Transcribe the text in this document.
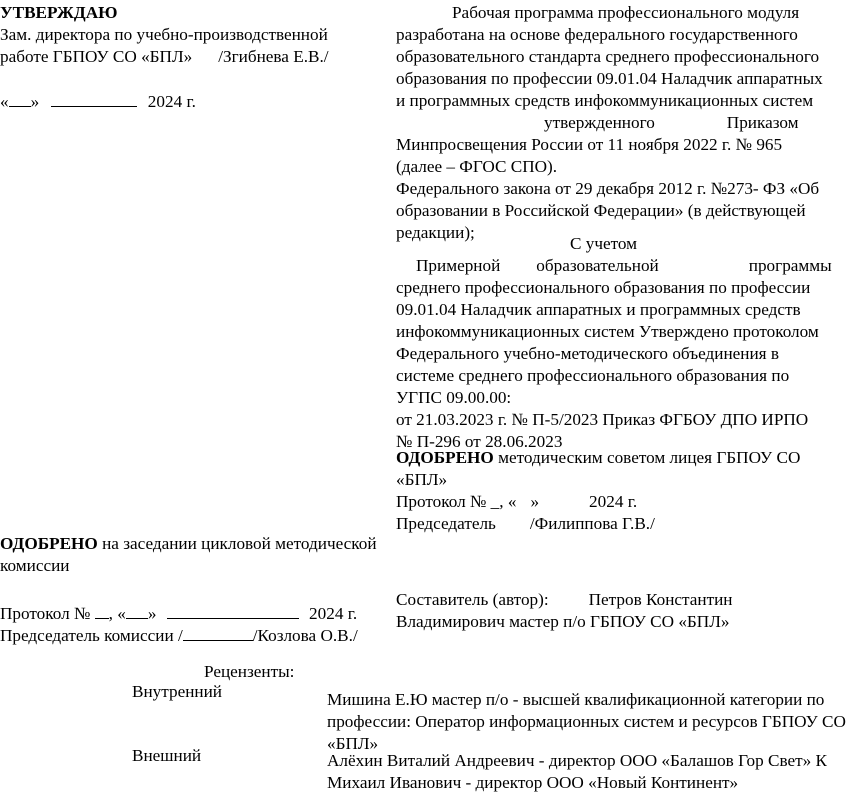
УТВЕРЖДАЮ
Зам. директора по учебно-производственной
работе ГБПОУ СО «БПЛ» /Згибнева Е.В./
« »	2024 г.
Рабочая программа профессионального модуля
разработана на основе федерального государственного
образовательного стандарта среднего профессионального
образования по профессии 09.01.04 Наладчик аппаратных
и программных средств инфокоммуникационных систем
утвержденного	Приказом
Минпросвещения России от 11 ноября 2022 г. № 965
(далее – ФГОС СПО).
Федерального закона от 29 декабря 2012 г. №273- ФЗ «Об
образовании в Российской Федерации» (в действующей
редакции);
С учетом
Примерной образовательной	программы
среднего профессионального образования по профессии
09.01.04 Наладчик аппаратных и программных средств
инфокоммуникационных систем Утверждено протоколом
Федерального учебно-методического объединения в
системе среднего профессионального образования по
УГПС 09.00.00:
от 21.03.2023 г. № П-5/2023 Приказ ФГБОУ ДПО ИРПО
№ П-296 от 28.06.2023
ОДОБРЕНО методическим советом лицея ГБПОУ СО
«БПЛ»
Протокол № _, « »	2024 г.
Председатель /Филиппова Г.В./
ОДОБРЕНО на заседании цикловой методической
комиссии
Протокол № , « »	2024 г.
Председатель комиссии /	/Козлова О.В./
Составитель (автор): Петров Константин
Владимирович мастер п/о ГБПОУ СО «БПЛ»
Рецензенты:
Внутренний	Мишина Е.Ю мастер п/о - высшей квалификационной категории по
профессии: Оператор информационных систем и ресурсов ГБПОУ СО
«БПЛ»
Внешний	Алёхин Виталий Андреевич - директор ООО «Балашов Гор Свет» К
Михаил Иванович - директор ООО «Новый Континент»
